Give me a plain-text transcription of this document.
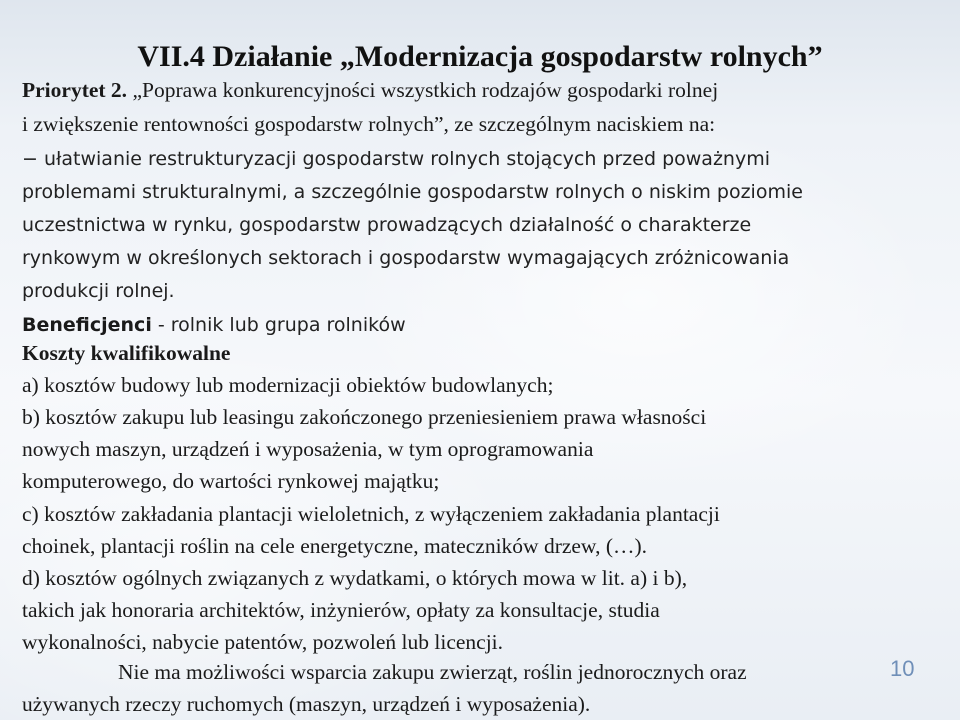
VII.4 Działanie „Modernizacja gospodarstw rolnych”

Priorytet 2. „Poprawa konkurencyjności wszystkich rodzajów gospodarki rolnej

i zwiększenie rentowności gospodarstw rolnych”, ze szczególnym naciskiem na:

− ułatwianie restrukturyzacji gospodarstw rolnych stojących przed poważnymi

problemami strukturalnymi, a szczególnie gospodarstw rolnych o niskim poziomie

uczestnictwa w rynku, gospodarstw prowadzących działalność o charakterze

rynkowym w określonych sektorach i gospodarstw wymagających zróżnicowania

produkcji rolnej.

Beneficjenci - rolnik lub grupa rolników

Koszty kwalifikowalne

a) kosztów budowy lub modernizacji obiektów budowlanych;

b) kosztów zakupu lub leasingu zakończonego przeniesieniem prawa własności

nowych maszyn, urządzeń i wyposażenia, w tym oprogramowania

komputerowego, do wartości rynkowej majątku;

c) kosztów zakładania plantacji wieloletnich, z wyłączeniem zakładania plantacji

choinek, plantacji roślin na cele energetyczne, mateczników drzew, (…).

d) kosztów ogólnych związanych z wydatkami, o których mowa w lit. a) i b),

takich jak honoraria architektów, inżynierów, opłaty za konsultacje, studia

wykonalności, nabycie patentów, pozwoleń lub licencji.

Nie ma możliwości wsparcia zakupu zwierząt, roślin jednorocznych oraz

używanych rzeczy ruchomych (maszyn, urządzeń i wyposażenia).

10
